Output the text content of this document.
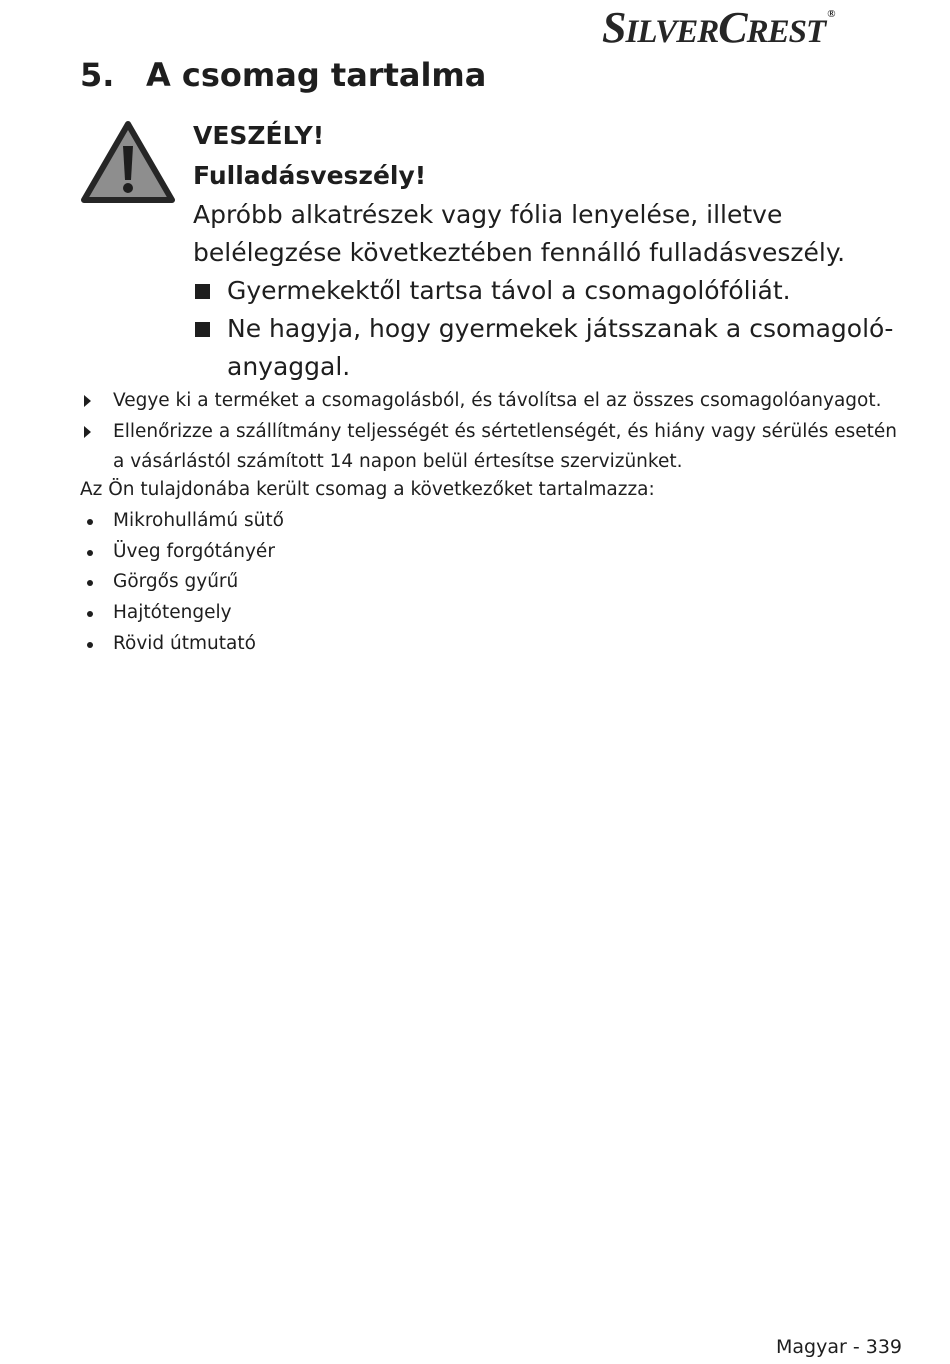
SILVERCREST ®
5. A csomag tartalma

VESZÉLY!

Fulladásveszély!

Apróbb alkatrészek vagy fólia lenyelése, illetve belélegzése következtében fennálló fulladásveszély.

Gyermekektől tartsa távol a csomagolófóliát.
Ne hagyja, hogy gyermekek játsszanak a csomagolóanyaggal.
Vegye ki a terméket a csomagolásból, és távolítsa el az összes csomagolóanyagot.
Ellenőrizze a szállítmány teljességét és sértetlenségét, és hiány vagy sérülés esetén a vásárlástól számított 14 napon belül értesítse szervizünket.

Az Ön tulajdonába került csomag a következőket tartalmazza:

Mikrohullámú sütő
Üveg forgótányér
Görgős gyűrű
Hajtótengely
Rövid útmutató
Magyar - 339
